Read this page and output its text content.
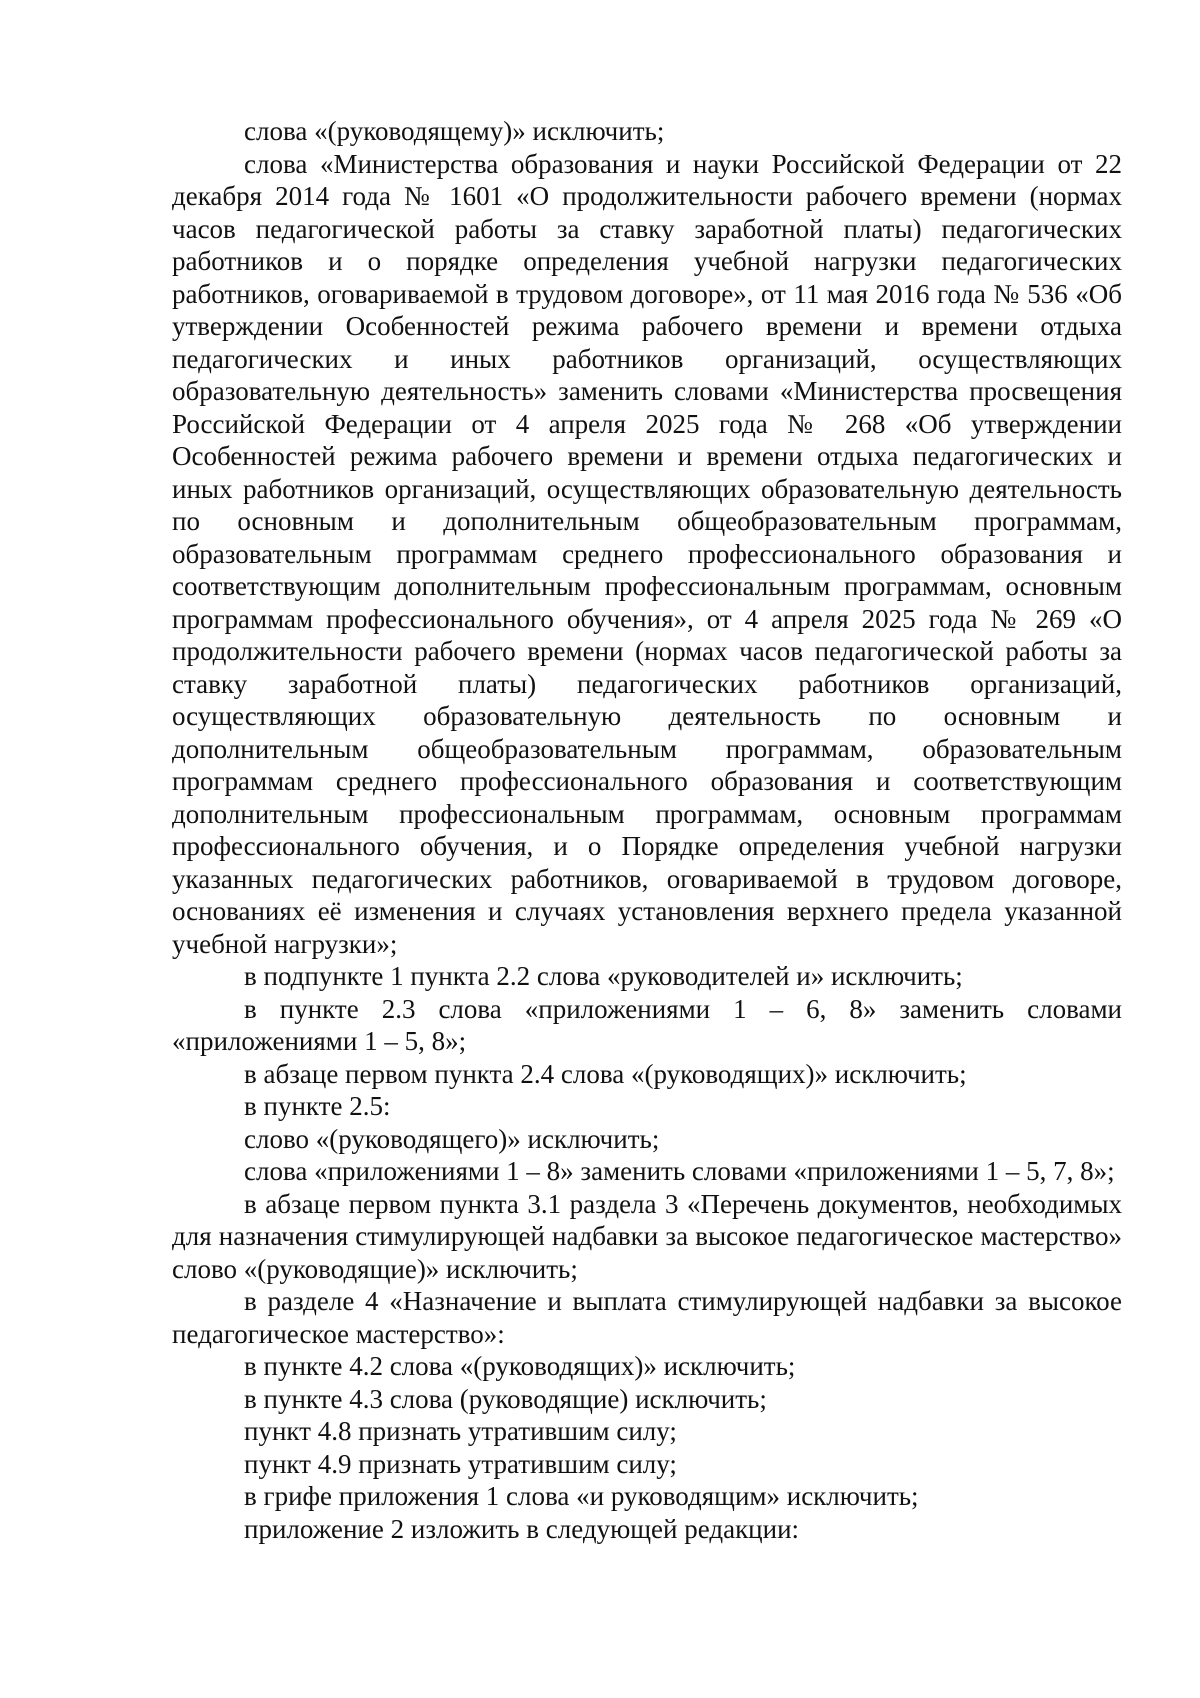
слова «(руководящему)» исключить;

слова «Министерства образования и науки Российской Федерации от 22 декабря 2014 года № 1601 «О продолжительности рабочего времени (нормах часов педагогической работы за ставку заработной платы) педагогических работников и о порядке определения учебной нагрузки педагогических работников, оговариваемой в трудовом договоре», от 11 мая 2016 года № 536 «Об утверждении Особенностей режима рабочего времени и времени отдыха педагогических и иных работников организаций, осуществляющих образовательную деятельность» заменить словами «Министерства просвещения Российской Федерации от 4 апреля 2025 года № 268 «Об утверждении Особенностей режима рабочего времени и времени отдыха педагогических и иных работников организаций, осуществляющих образовательную деятельность по основным и дополнительным общеобразовательным программам, образовательным программам среднего профессионального образования и соответствующим дополнительным профессиональным программам, основным программам профессионального обучения», от 4 апреля 2025 года № 269 «О продолжительности рабочего времени (нормах часов педагогической работы за ставку заработной платы) педагогических работников организаций, осуществляющих образовательную деятельность по основным и дополнительным общеобразовательным программам, образовательным программам среднего профессионального образования и соответствующим дополнительным профессиональным программам, основным программам профессионального обучения, и о Порядке определения учебной нагрузки указанных педагогических работников, оговариваемой в трудовом договоре, основаниях её изменения и случаях установления верхнего предела указанной учебной нагрузки»;

в подпункте 1 пункта 2.2 слова «руководителей и» исключить;

в пункте 2.3 слова «приложениями 1 – 6, 8» заменить словами «приложениями 1 – 5, 8»;

в абзаце первом пункта 2.4 слова «(руководящих)» исключить;

в пункте 2.5:

слово «(руководящего)» исключить;

слова «приложениями 1 – 8» заменить словами «приложениями 1 – 5, 7, 8»;

в абзаце первом пункта 3.1 раздела 3 «Перечень документов, необходимых для назначения стимулирующей надбавки за высокое педагогическое мастерство» слово «(руководящие)» исключить;

в разделе 4 «Назначение и выплата стимулирующей надбавки за высокое педагогическое мастерство»:

в пункте 4.2 слова «(руководящих)» исключить;

в пункте 4.3 слова (руководящие) исключить;

пункт 4.8 признать утратившим силу;

пункт 4.9 признать утратившим силу;

в грифе приложения 1 слова «и руководящим» исключить;

приложение 2 изложить в следующей редакции:
